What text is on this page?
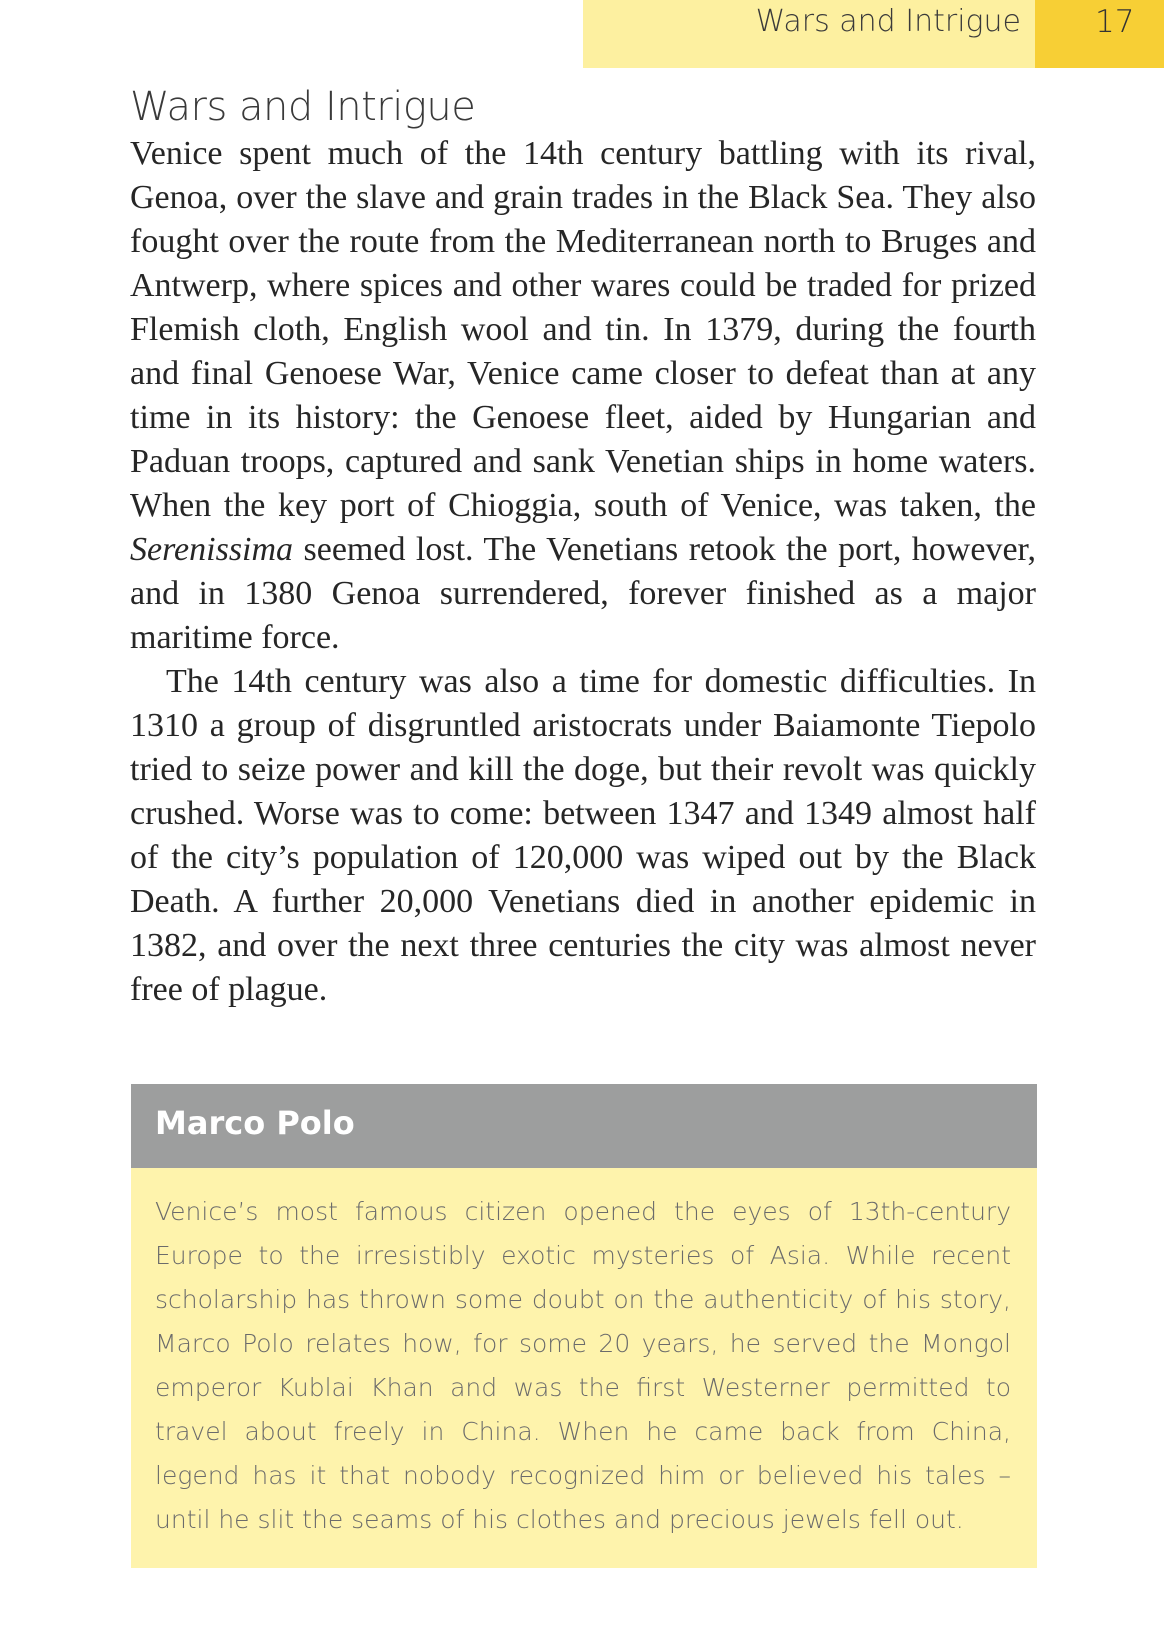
Wars and Intrigue 17
Wars and Intrigue

Venice spent much of the 14th century battling with its rival, Genoa, over the slave and grain trades in the Black Sea. They also fought over the route from the Mediterranean north to Bruges and Antwerp, where spices and other wares could be traded for prized Flemish cloth, English wool and tin. In 1379, during the fourth and final Genoese War, Venice came closer to defeat than at any time in its history: the Genoese fleet, aided by Hungarian and Paduan troops, captured and sank Venetian ships in home waters. When the key port of Chioggia, south of Venice, was taken, the Serenissima seemed lost. The Venetians retook the port, however, and in 1380 Genoa surrendered, forever finished as a major maritime force.

The 14th century was also a time for domestic difficulties. In 1310 a group of disgruntled aristocrats under Baiamonte Tiepolo tried to seize power and kill the doge, but their revolt was quickly crushed. Worse was to come: between 1347 and 1349 almost half of the city’s population of 120,000 was wiped out by the Black Death. A further 20,000 Venetians died in another epidemic in 1382, and over the next three centuries the city was almost never free of plague.

Marco Polo

Venice’s most famous citizen opened the eyes of 13th-century Europe to the irresistibly exotic mysteries of Asia. While recent scholarship has thrown some doubt on the authenticity of his story, Marco Polo relates how, for some 20 years, he served the Mongol emperor Kublai Khan and was the first Westerner permitted to travel about freely in China. When he came back from China, legend has it that nobody recognized him or believed his tales – until he slit the seams of his clothes and precious jewels fell out.
